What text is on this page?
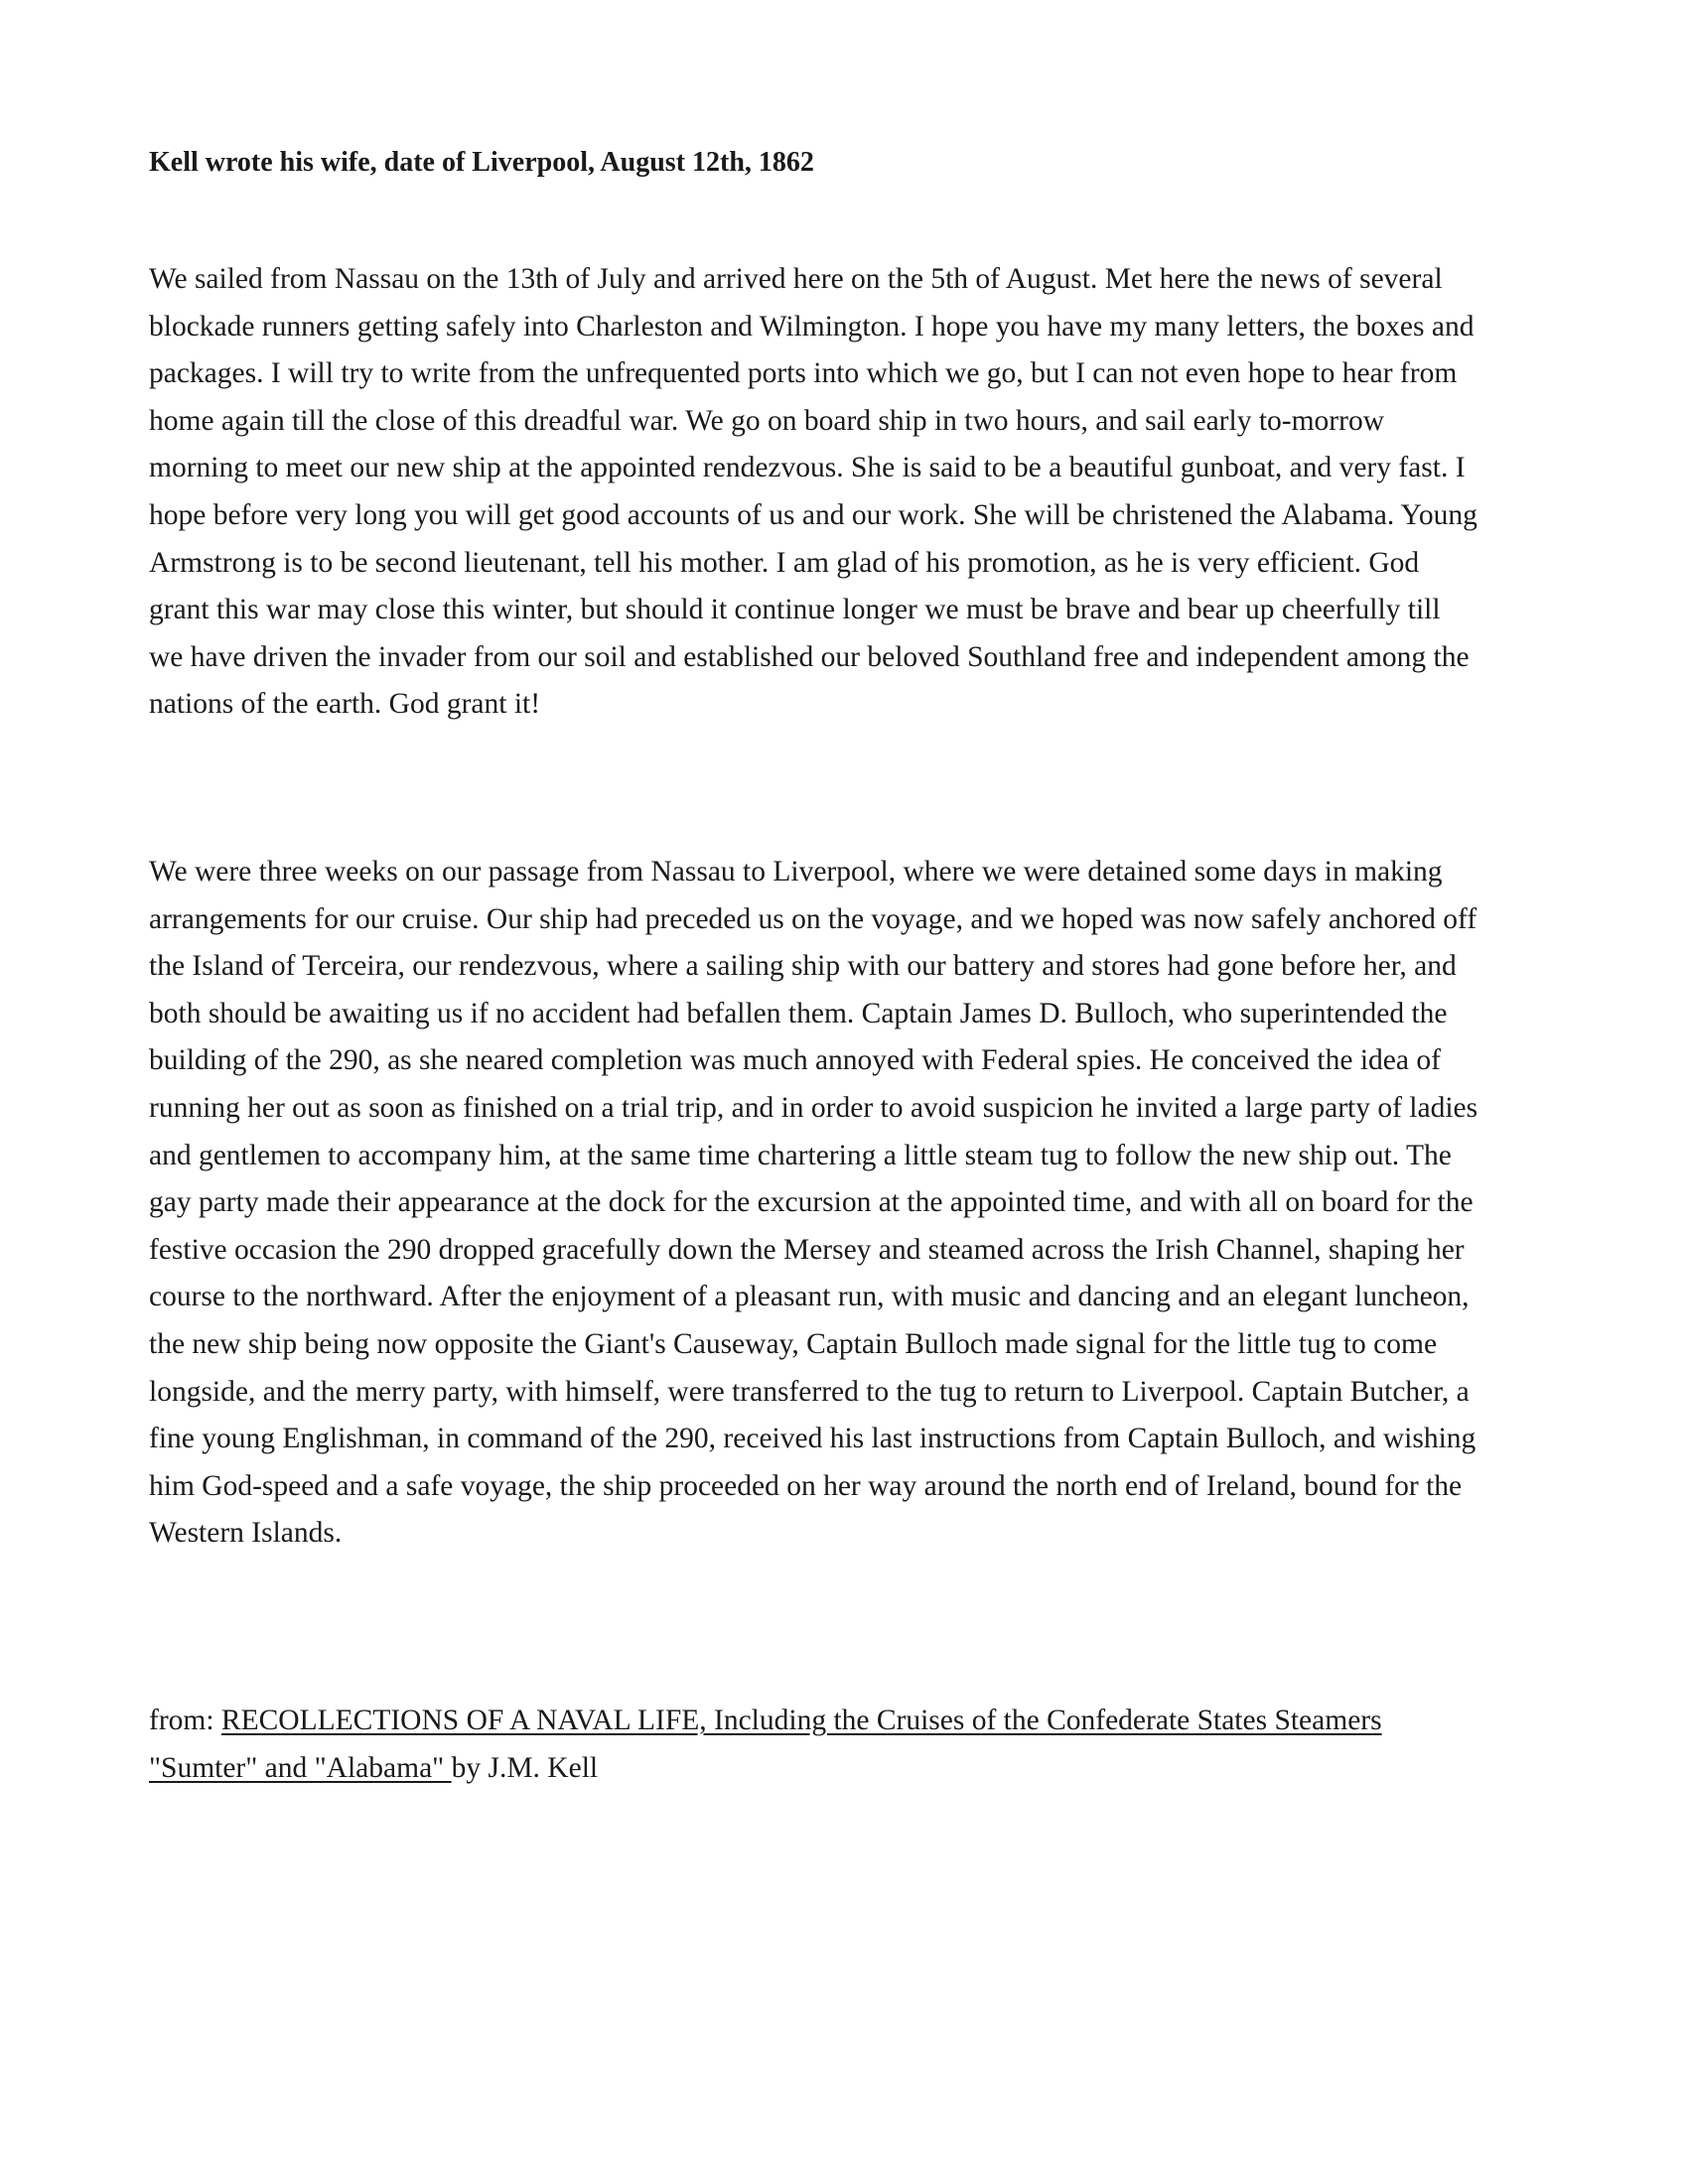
Kell wrote his wife, date of Liverpool, August 12th, 1862

We sailed from Nassau on the 13th of July and arrived here on the 5th of August. Met here the news of several blockade runners getting safely into Charleston and Wilmington. I hope you have my many letters, the boxes and packages. I will try to write from the unfrequented ports into which we go, but I can not even hope to hear from home again till the close of this dreadful war. We go on board ship in two hours, and sail early to-morrow morning to meet our new ship at the appointed rendezvous. She is said to be a beautiful gunboat, and very fast. I hope before very long you will get good accounts of us and our work. She will be christened the Alabama. Young Armstrong is to be second lieutenant, tell his mother. I am glad of his promotion, as he is very efficient. God grant this war may close this winter, but should it continue longer we must be brave and bear up cheerfully till we have driven the invader from our soil and established our beloved Southland free and independent among the nations of the earth. God grant it!

We were three weeks on our passage from Nassau to Liverpool, where we were detained some days in making arrangements for our cruise. Our ship had preceded us on the voyage, and we hoped was now safely anchored off the Island of Terceira, our rendezvous, where a sailing ship with our battery and stores had gone before her, and both should be awaiting us if no accident had befallen them. Captain James D. Bulloch, who superintended the building of the 290, as she neared completion was much annoyed with Federal spies. He conceived the idea of running her out as soon as finished on a trial trip, and in order to avoid suspicion he invited a large party of ladies and gentlemen to accompany him, at the same time chartering a little steam tug to follow the new ship out. The gay party made their appearance at the dock for the excursion at the appointed time, and with all on board for the festive occasion the 290 dropped gracefully down the Mersey and steamed across the Irish Channel, shaping her course to the northward. After the enjoyment of a pleasant run, with music and dancing and an elegant luncheon, the new ship being now opposite the Giant's Causeway, Captain Bulloch made signal for the little tug to come longside, and the merry party, with himself, were transferred to the tug to return to Liverpool. Captain Butcher, a fine young Englishman, in command of the 290, received his last instructions from Captain Bulloch, and wishing him God-speed and a safe voyage, the ship proceeded on her way around the north end of Ireland, bound for the Western Islands.

from: RECOLLECTIONS OF A NAVAL LIFE, Including the Cruises of the Confederate States Steamers "Sumter" and "Alabama" by J.M. Kell
